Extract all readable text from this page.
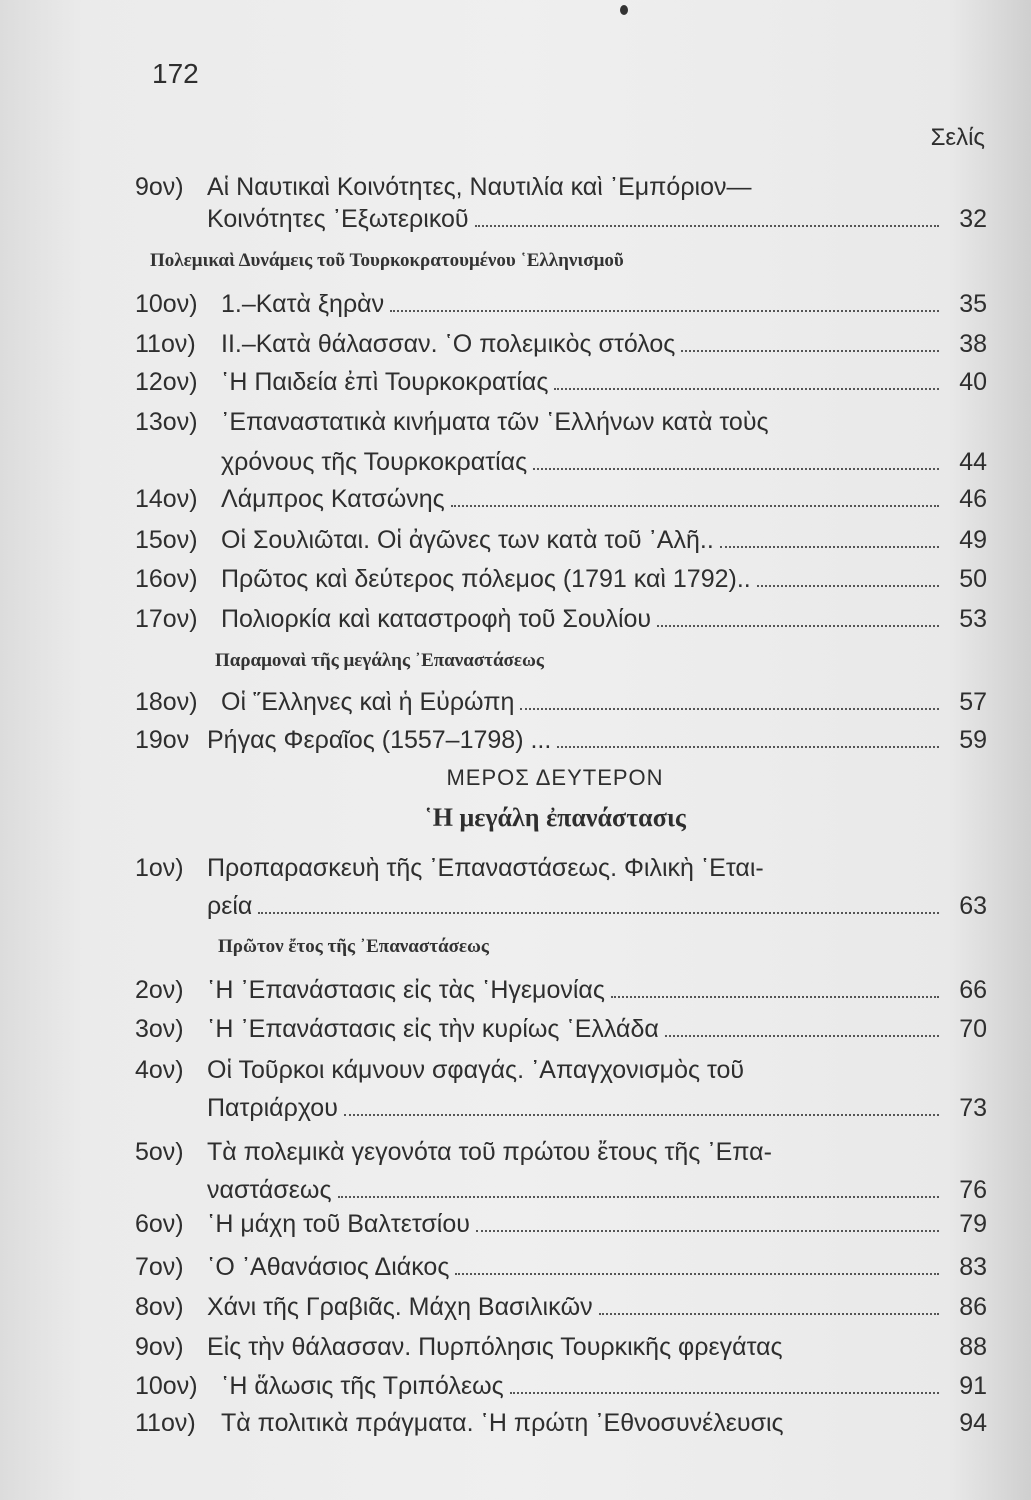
172
Σελίς
9ον) Αἱ Ναυτικαὶ Κοινότητες, Ναυτιλία καὶ ᾿Εμπόριον—
Κοινότητες ᾿Εξωτερικοῦ	32
Πολεμικαὶ Δυνάμεις τοῦ Τουρκοκρατουμένου ῾Ελληνισμοῦ
10ον) 1.–Κατὰ ξηρὰν	35
11ον)	ΙΙ.–Κατὰ θάλασσαν. ῾Ο πολεμικὸς στόλος	38
12ον) ῾Η Παιδεία ἐπὶ Τουρκοκρατίας	40
13ον) ᾿Επαναστατικὰ κινήματα τῶν ῾Ελλήνων κατὰ τοὺς
χρόνους τῆς Τουρκοκρατίας	44
14ον) Λάμπρος Κατσώνης	46
15ον) Οἱ Σουλιῶται. Οἱ ἀγῶνες των κατὰ τοῦ ᾿Αλῆ..	49
16ον) Πρῶτος καὶ δεύτερος πόλεμος (1791 καὶ 1792)..	50
17ον) Πολιορκία καὶ καταστροφὴ τοῦ Σουλίου	53
Παραμοναὶ τῆς μεγάλης ᾿Επαναστάσεως
18ον) Οἱ ῞Ελληνες καὶ ἡ Εὐρώπη	57
19ον Ρήγας Φεραῖος (1557–1798) ...	59
ΜΕΡΟΣ ΔΕΥΤΕΡΟΝ
῾Η μεγάλη ἐπανάστασις
1ον) Προπαρασκευὴ τῆς ᾿Επαναστάσεως. Φιλικὴ ῾Εται-
ρεία	63
Πρῶτον ἔτος τῆς ᾿Επαναστάσεως
2ον) ῾Η ᾿Επανάστασις εἰς τὰς ῾Ηγεμονίας	66
3ον) ῾Η ᾿Επανάστασις εἰς τὴν κυρίως ῾Ελλάδα	70
4ον) Οἱ Τοῦρκοι κάμνουν σφαγάς. ᾿Απαγχονισμὸς τοῦ
Πατριάρχου	73
5ον) Τὰ πολεμικὰ γεγονότα τοῦ πρώτου ἔτους τῆς ᾿Επα-
ναστάσεως	76
6ον) ῾Η μάχη τοῦ Βαλτετσίου	79
7ον) ῾Ο ᾿Αθανάσιος Διάκος	83
8ον) Χάνι τῆς Γραβιᾶς. Μάχη Βασιλικῶν	86
9ον) Εἰς τὴν θάλασσαν. Πυρπόλησις Τουρκικῆς φρεγάτας	88
10ον) ῾Η ἅλωσις τῆς Τριπόλεως	91
11ον)	Τὰ πολιτικὰ πράγματα. ῾Η πρώτη ᾿Εθνοσυνέλευσις	94
